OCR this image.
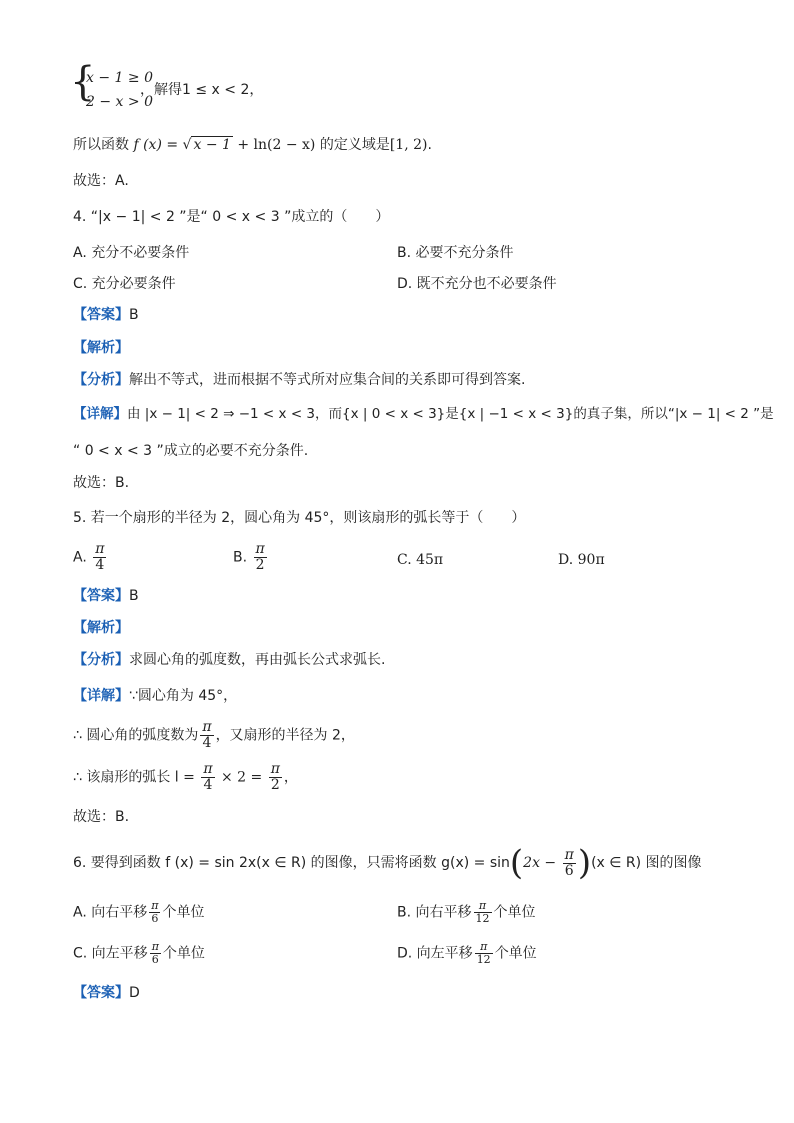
{
x − 1 ≥ 0
2 − x > 0
，解得1 ≤ x < 2，
所以函数 f (x) = √ x − 1 + ln(2 − x) 的定义域是[1, 2).
故选：A.
4. “|x − 1| < 2 ”是“ 0 < x < 3 ”成立的（　　）
A. 充分不必要条件	B. 必要不充分条件
C. 充分必要条件	D. 既不充分也不必要条件
【答案】B
【解析】
【分析】解出不等式，进而根据不等式所对应集合间的关系即可得到答案.
【详解】由 |x − 1| < 2 ⇒ −1 < x < 3，而{x | 0 < x < 3}是{x | −1 < x < 3}的真子集，所以“|x − 1| < 2 ”是
“ 0 < x < 3 ”成立的必要不充分条件.
故选：B.
5. 若一个扇形的半径为 2，圆心角为 45°，则该扇形的弧长等于（　　）
A. $\frac{\pi}{4}$	B. $\frac{\pi}{2}$	C. 45π	D. 90π
【答案】B
【解析】
【分析】求圆心角的弧度数，再由弧长公式求弧长.
【详解】∵圆心角为 45°，
∴ 圆心角的弧度数为 $\frac{\pi}{4}$ ，又扇形的半径为 2，
∴ 该扇形的弧长 $l = \frac{\pi}{4} \times 2 = \frac{\pi}{2}$ ，
故选：B.
6. 要得到函数 f (x) = sin 2x(x ∈ R) 的图像，只需将函数 $g(x) = \sin(2x - \frac{\pi}{6} )(x$ ∈ R) 图的图像
A. 向右平移 $\frac{\pi}{6}$ 个单位	B. 向右平移 $\frac{\pi}{12}$ 个单位
C. 向左平移 $\frac{\pi}{6}$ 个单位	D. 向左平移 $\frac{\pi}{12}$ 个单位
【答案】D
